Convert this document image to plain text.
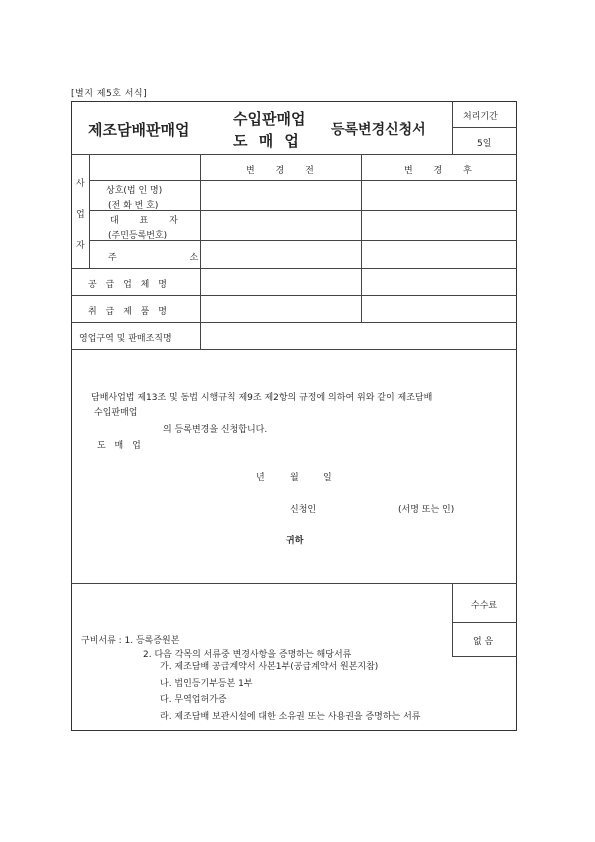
[별지 제5호 서식]
제조담배판매업
수입판매업
도 매 업
등록변경신청서
처리기간
5일
변 경 전	변 경 후
사
업
자
상호(법 인 명)
(전 화 번 호)
대 표 자
(주민등록번호)
주 소
공 급 업 체 명
취 급 제 품 명
영업구역 및 판매조직명
담배사업법 제13조 및 동법 시행규칙 제9조 제2항의 규정에 의하여 위와 같이 제조담배
수입판매업
의 등록변경을 신청합니다.
도 매 업
년	월	일
신청인	(서명 또는 인)
귀하
수수료
없 음
구비서류 : 1. 등록증원본
2. 다음 각목의 서류중 변경사항을 증명하는 해당서류
가. 제조담배 공급계약서 사본1부(공급계약서 원본지참)
나. 법인등기부등본 1부
다. 무역업허가증
라. 제조담배 보관시설에 대한 소유권 또는 사용권을 증명하는 서류
